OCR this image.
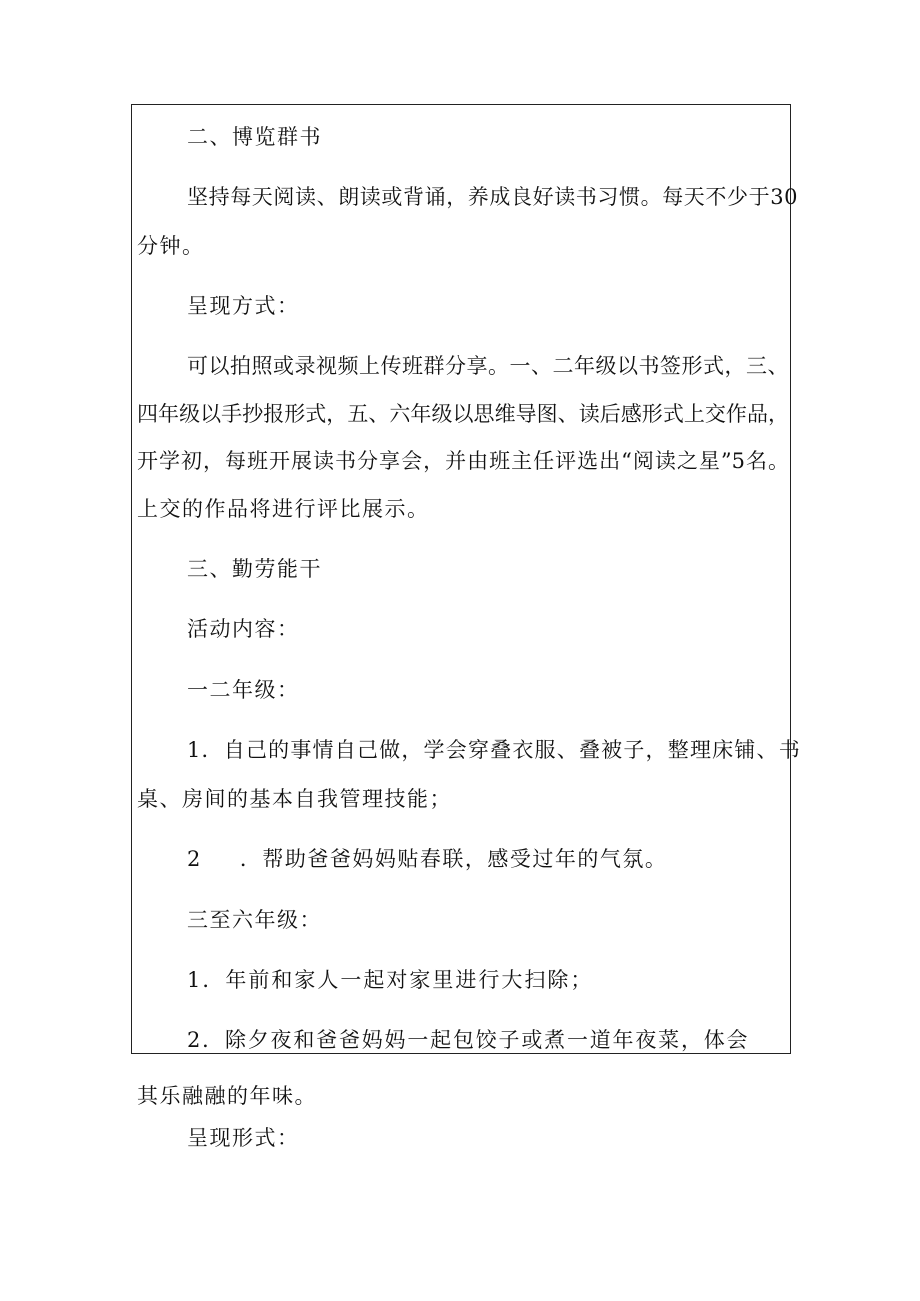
二、博览群书
坚持每天阅读、朗读或背诵，养成良好读书习惯。每天不少于30
分钟。
呈现方式：
可以拍照或录视频上传班群分享。一、二年级以书签形式，三、
四年级以手抄报形式，五、六年级以思维导图、读后感形式上交作品，
开学初，每班开展读书分享会，并由班主任评选出“阅读之星”5名。
上交的作品将进行评比展示。
三、勤劳能干
活动内容：
一二年级：
1．自己的事情自己做，学会穿叠衣服、叠被子，整理床铺、书
桌、房间的基本自我管理技能；
2 ．帮助爸爸妈妈贴春联，感受过年的气氛。
三至六年级：
1．年前和家人一起对家里进行大扫除；
2．除夕夜和爸爸妈妈一起包饺子或煮一道年夜菜，体会
其乐融融的年味。
呈现形式：
